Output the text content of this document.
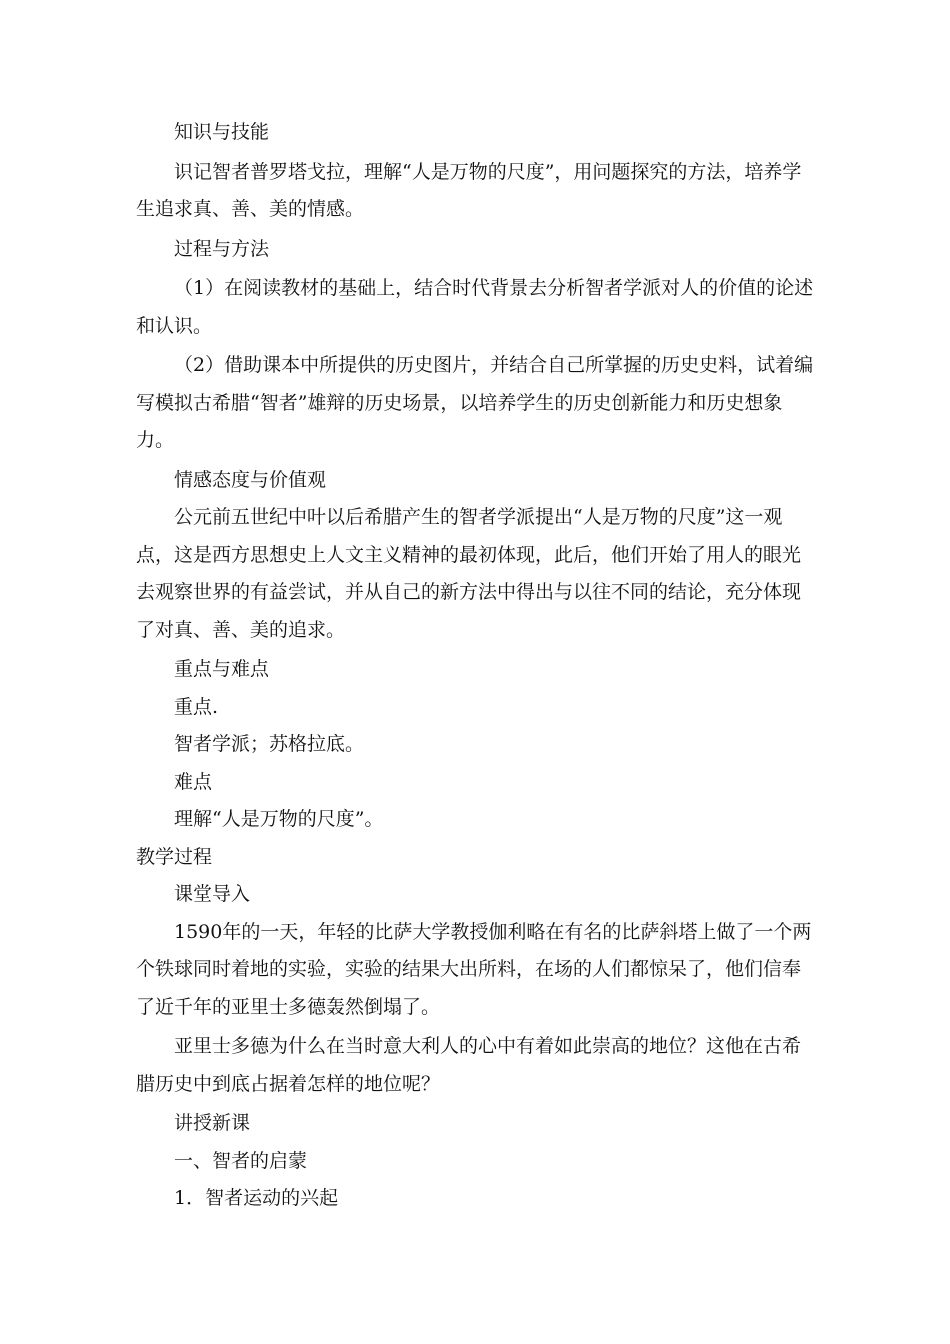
知识与技能

识记智者普罗塔戈拉，理解“人是万物的尺度”，用问题探究的方法，培养学生追求真、善、美的情感。

过程与方法

（1）在阅读教材的基础上，结合时代背景去分析智者学派对人的价值的论述和认识。

（2）借助课本中所提供的历史图片，并结合自己所掌握的历史史料，试着编写模拟古希腊“智者”雄辩的历史场景，以培养学生的历史创新能力和历史想象力。

情感态度与价值观

公元前五世纪中叶以后希腊产生的智者学派提出“人是万物的尺度”这一观点，这是西方思想史上人文主义精神的最初体现，此后，他们开始了用人的眼光去观察世界的有益尝试，并从自己的新方法中得出与以往不同的结论，充分体现了对真、善、美的追求。

重点与难点

重点.

智者学派；苏格拉底。

难点

理解“人是万物的尺度”。

教学过程

课堂导入

1590年的一天，年轻的比萨大学教授伽利略在有名的比萨斜塔上做了一个两个铁球同时着地的实验，实验的结果大出所料，在场的人们都惊呆了，他们信奉了近千年的亚里士多德轰然倒塌了。

亚里士多德为什么在当时意大利人的心中有着如此崇高的地位？这他在古希腊历史中到底占据着怎样的地位呢？

讲授新课

一、智者的启蒙

1．智者运动的兴起
